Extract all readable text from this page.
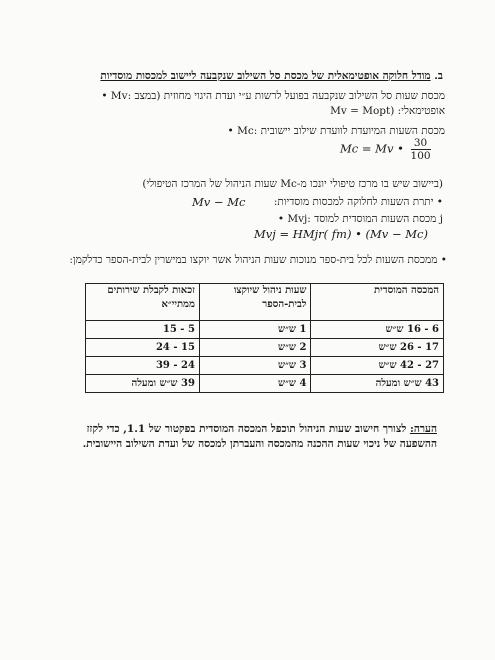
ב. מודל חלוקה אופטימאלית של מכסת סל השילוב שנקבעה ליישוב למכסות מוסדיות
• Mv: מכסת שעות סל השילוב שנקבעה בפועל לרשות ע״י ועדת היגוי מחוזית (במצב
אופטימאלי: (Mv = Mopt
• Mc: מכסת השעות המיועדת לוועדת שילוב יישובית
Mc = Mv • $\frac{30}{100}$
(ביישוב שיש בו מרכז טיפולי יונכו מ-Mc שעות הניהול של המרכז הטיפולי)
• יתרת השעות לחלוקה למכסות מוסדיות:
Mv − Mc
• Mvj: מכסת השעות המוסדית למוסד j
Mvj = HMjr( fm) • (Mv − Mc)
• ממכסת השעות לכל בית-ספר מנוכות שעות הניהול אשר יוקצו במישרין לבית-הספר כדלקמן:
המכסה המוסדית	שעות ניהול שיוקצו לבית-הספר	זכאות לקבלת שירותים ממתיי״א
6 - 16 ש״ש	1 ש״ש	5 - 15
17 - 26 ש״ש	2 ש״ש	15 - 24
27 - 42 ש״ש	3 ש״ש	24 - 39
43 ש״ש ומעלה	4 ש״ש	39 ש״ש ומעלה
הערה: לצורך חישוב שעות הניהול תוכפל המכסה המוסדית בפקטור של 1.1, כדי לקזז
ההשפעה של ניכוי שעות ההכנה מהמכסה והעברתן למכסה של ועדת השילוב היישובית.
